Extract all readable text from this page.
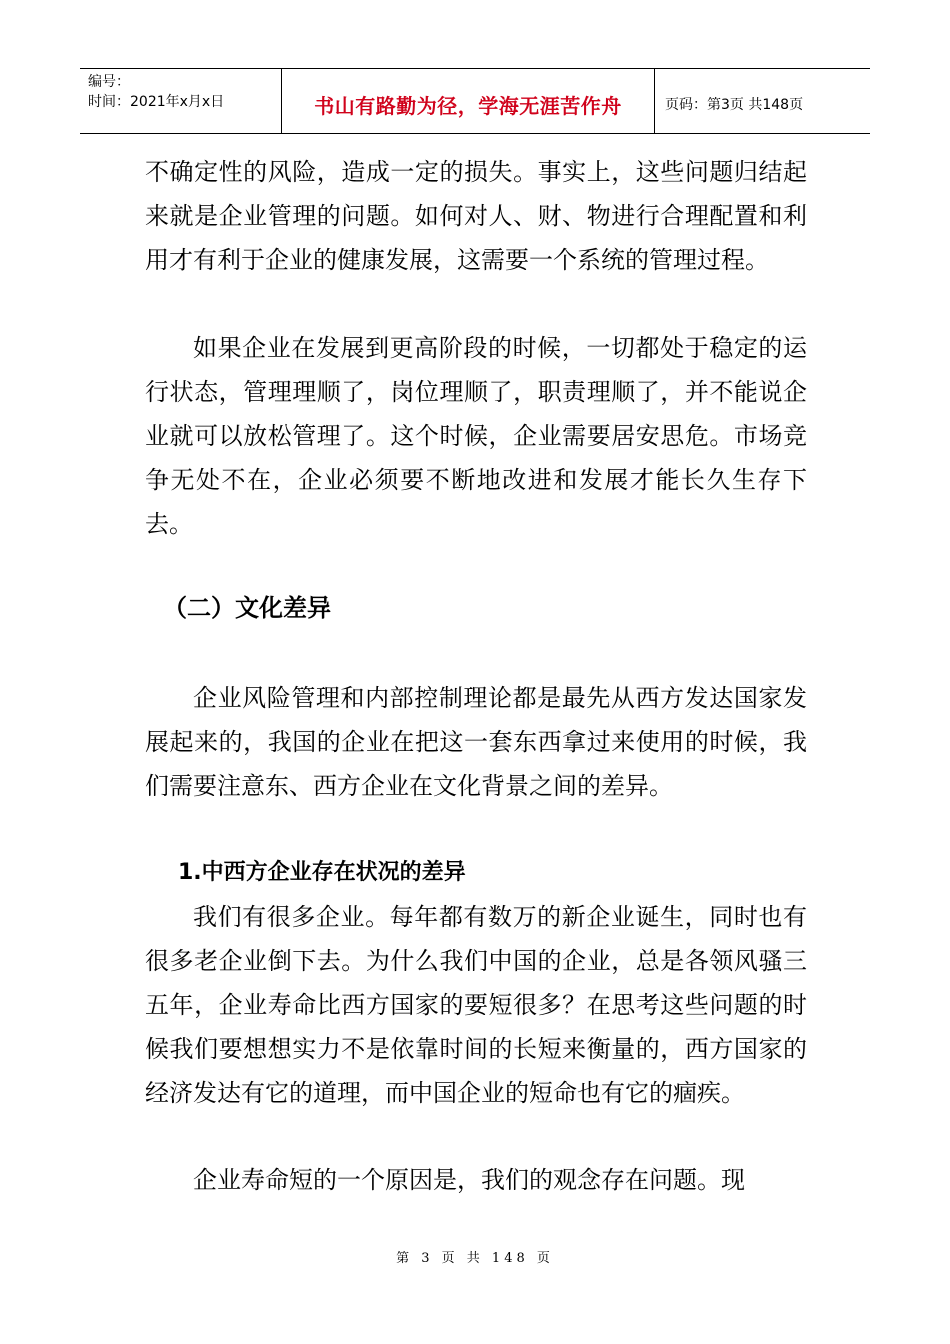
编号：
时间：2021年x月x日	书山有路勤为径，学海无涯苦作舟	页码：第3页 共148页

不确定性的风险，造成一定的损失。事实上，这些问题归结起来就是企业管理的问题。如何对人、财、物进行合理配置和利用才有利于企业的健康发展，这需要一个系统的管理过程。

如果企业在发展到更高阶段的时候，一切都处于稳定的运行状态，管理理顺了，岗位理顺了，职责理顺了，并不能说企业就可以放松管理了。这个时候，企业需要居安思危。市场竞争无处不在，企业必须要不断地改进和发展才能长久生存下去。

（二）文化差异

企业风险管理和内部控制理论都是最先从西方发达国家发展起来的，我国的企业在把这一套东西拿过来使用的时候，我们需要注意东、西方企业在文化背景之间的差异。

1.中西方企业存在状况的差异

我们有很多企业。每年都有数万的新企业诞生，同时也有很多老企业倒下去。为什么我们中国的企业，总是各领风骚三五年，企业寿命比西方国家的要短很多？在思考这些问题的时候我们要想想实力不是依靠时间的长短来衡量的，西方国家的经济发达有它的道理，而中国企业的短命也有它的痼疾。

企业寿命短的一个原因是，我们的观念存在问题。现

第 3 页 共 148 页
